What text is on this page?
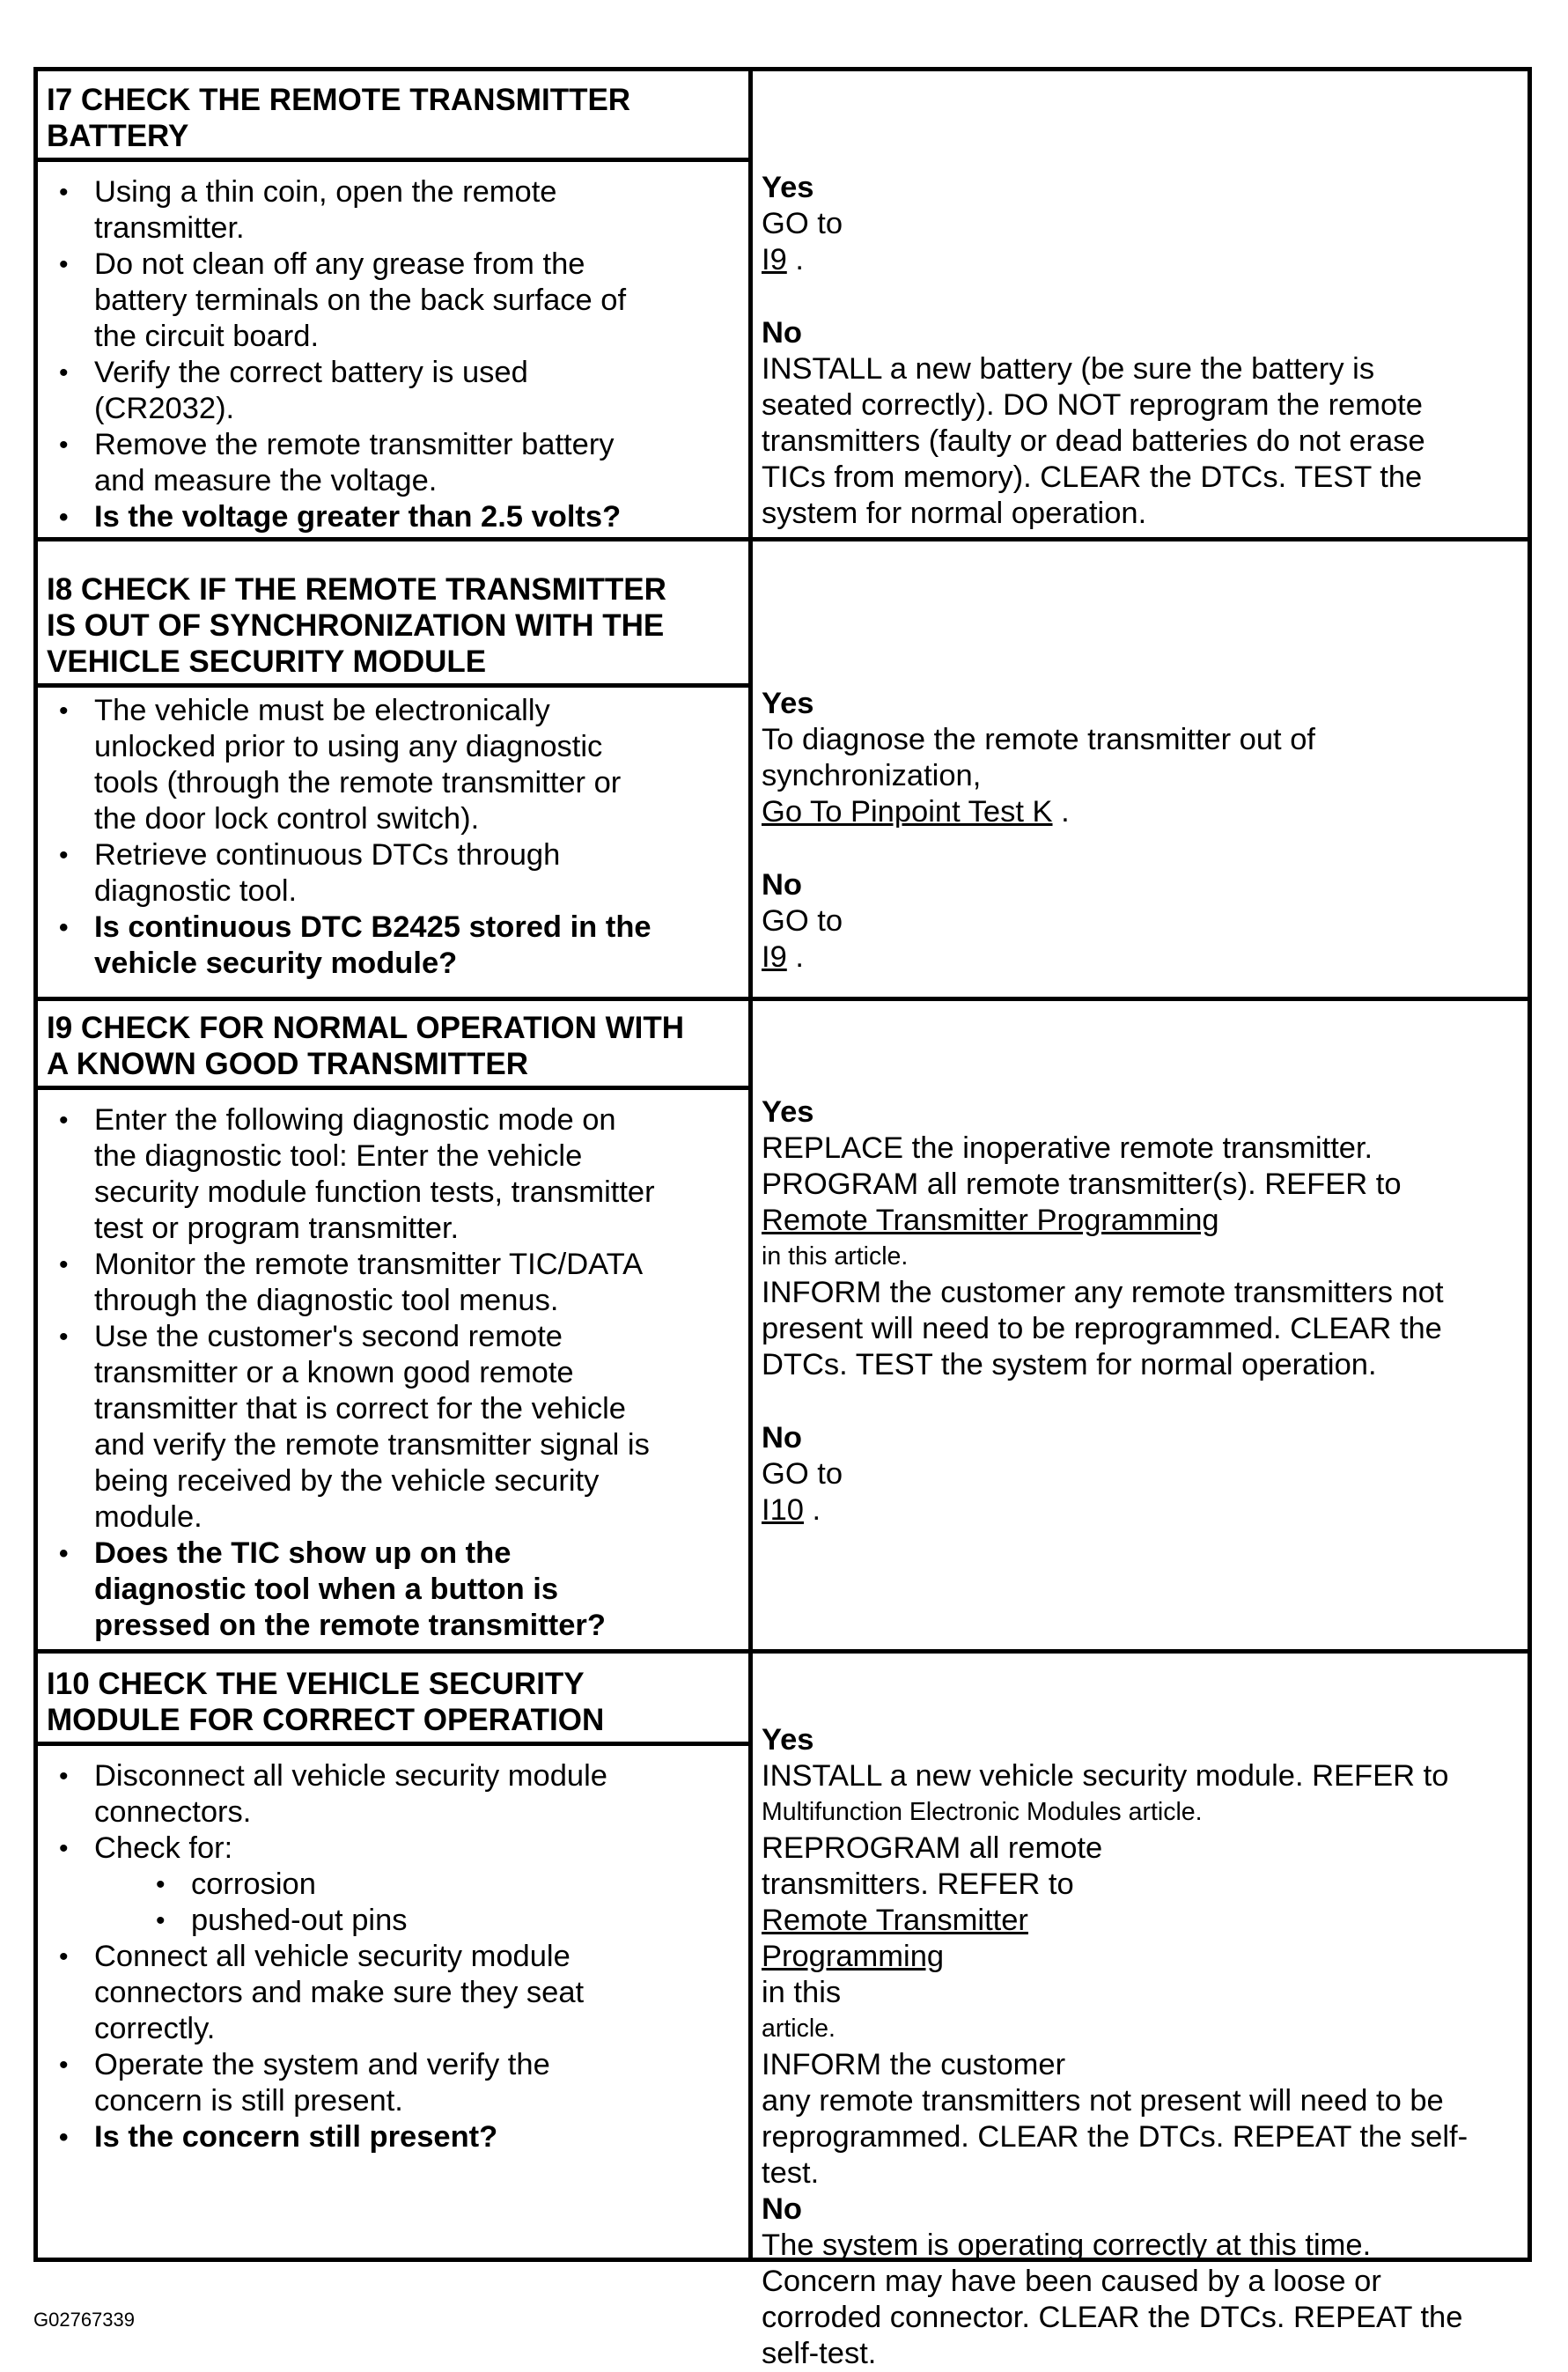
I7 CHECK THE REMOTE TRANSMITTER
BATTERY
• Using a thin coin, open the remote
transmitter.
• Do not clean off any grease from the
battery terminals on the back surface of
the circuit board.
• Verify the correct battery is used
(CR2032).
• Remove the remote transmitter battery
and measure the voltage.
• Is the voltage greater than 2.5 volts?
Yes
GO to
I9 .
No
INSTALL a new battery (be sure the battery is
seated correctly). DO NOT reprogram the remote
transmitters (faulty or dead batteries do not erase
TICs from memory). CLEAR the DTCs. TEST the
system for normal operation.
I8 CHECK IF THE REMOTE TRANSMITTER
IS OUT OF SYNCHRONIZATION WITH THE
VEHICLE SECURITY MODULE
• The vehicle must be electronically
unlocked prior to using any diagnostic
tools (through the remote transmitter or
the door lock control switch).
• Retrieve continuous DTCs through
diagnostic tool.
• Is continuous DTC B2425 stored in the
vehicle security module?
Yes
To diagnose the remote transmitter out of
synchronization,
Go To Pinpoint Test K .
No
GO to
I9 .
I9 CHECK FOR NORMAL OPERATION WITH
A KNOWN GOOD TRANSMITTER
• Enter the following diagnostic mode on
the diagnostic tool: Enter the vehicle
security module function tests, transmitter
test or program transmitter.
• Monitor the remote transmitter TIC/DATA
through the diagnostic tool menus.
• Use the customer's second remote
transmitter or a known good remote
transmitter that is correct for the vehicle
and verify the remote transmitter signal is
being received by the vehicle security
module.
• Does the TIC show up on the
diagnostic tool when a button is
pressed on the remote transmitter?
Yes
REPLACE the inoperative remote transmitter.
PROGRAM all remote transmitter(s). REFER to
Remote Transmitter Programming
in this article.
INFORM the customer any remote transmitters not
present will need to be reprogrammed. CLEAR the
DTCs. TEST the system for normal operation.
No
GO to
I10 .
I10 CHECK THE VEHICLE SECURITY
MODULE FOR CORRECT OPERATION
• Disconnect all vehicle security module
connectors.
• Check for:
• corrosion
• pushed-out pins
• Connect all vehicle security module
connectors and make sure they seat
correctly.
• Operate the system and verify the
concern is still present.
• Is the concern still present?
Yes
INSTALL a new vehicle security module. REFER to
Multifunction Electronic Modules article.
REPROGRAM all remote
transmitters. REFER to
Remote Transmitter
Programming
in this
article.
INFORM the customer
any remote transmitters not present will need to be
reprogrammed. CLEAR the DTCs. REPEAT the self-
test.
No
The system is operating correctly at this time.
Concern may have been caused by a loose or
corroded connector. CLEAR the DTCs. REPEAT the
self-test.
G02767339
